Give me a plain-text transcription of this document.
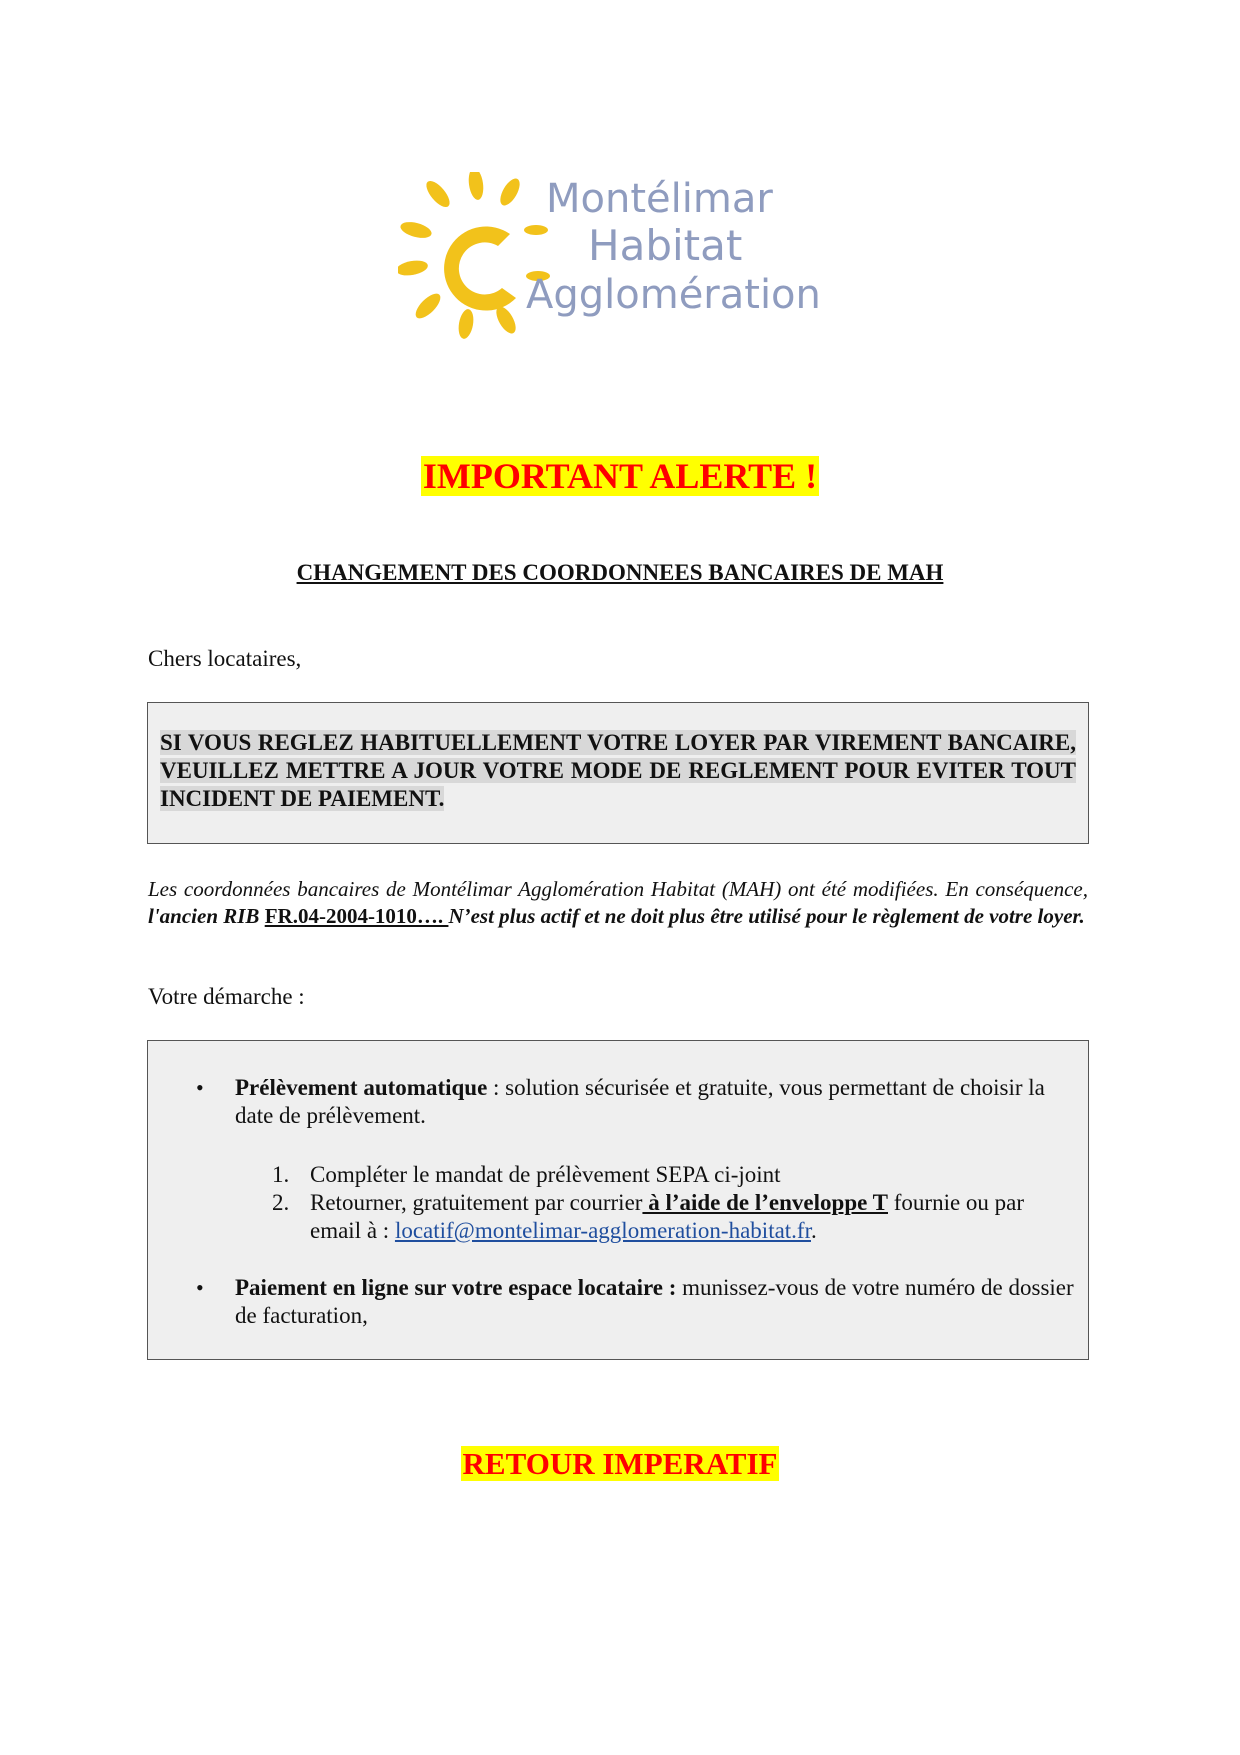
Montélimar
Habitat
Agglomération
IMPORTANT ALERTE !
CHANGEMENT DES COORDONNEES BANCAIRES DE MAH
Chers locataires,

SI VOUS REGLEZ HABITUELLEMENT VOTRE LOYER PAR VIREMENT BANCAIRE, VEUILLEZ METTRE A JOUR VOTRE MODE DE REGLEMENT POUR EVITER TOUT INCIDENT DE PAIEMENT.

Les coordonnées bancaires de Montélimar Agglomération Habitat (MAH) ont été modifiées. En conséquence, l'ancien RIB FR.04-2004-1010…. N’est plus actif et ne doit plus être utilisé pour le règlement de votre loyer.
Votre démarche :
• Prélèvement automatique : solution sécurisée et gratuite, vous permettant de choisir la date de prélèvement.
1. Compléter le mandat de prélèvement SEPA ci-joint
2. Retourner, gratuitement par courrier à l’aide de l’enveloppe T fournie ou par email à : locatif@montelimar-agglomeration-habitat.fr.
• Paiement en ligne sur votre espace locataire : munissez-vous de votre numéro de dossier de facturation,
RETOUR IMPERATIF
